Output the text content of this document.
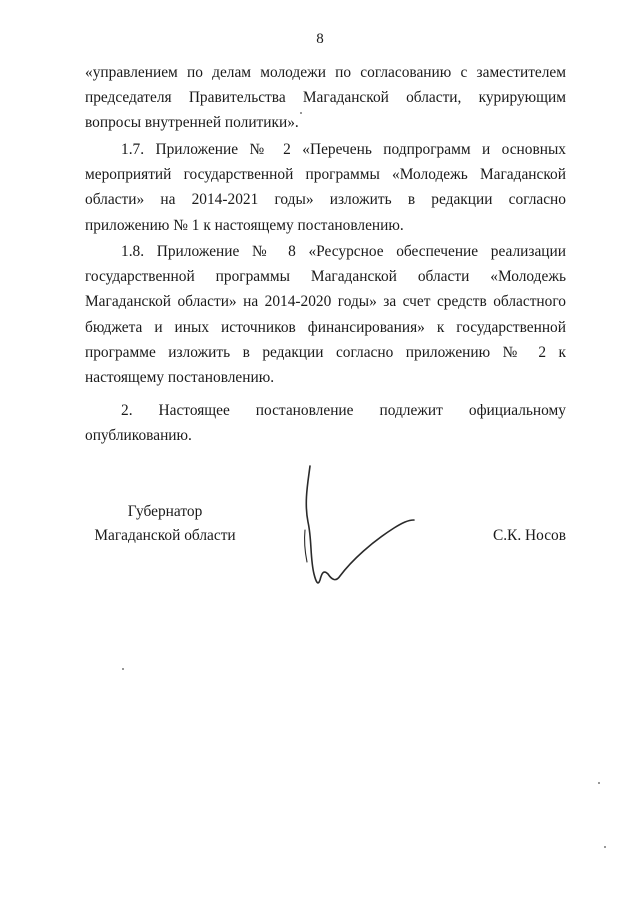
8

«управлением по делам молодежи по согласованию с заместителем председателя Правительства Магаданской области, курирующим вопросы внутренней политики».

1.7. Приложение № 2 «Перечень подпрограмм и основных мероприятий государственной программы «Молодежь Магаданской области» на 2014-2021 годы» изложить в редакции согласно приложению № 1 к настоящему постановлению.

1.8. Приложение № 8 «Ресурсное обеспечение реализации государственной программы Магаданской области «Молодежь Магаданской области» на 2014-2020 годы» за счет средств областного бюджета и иных источников финансирования» к государственной программе изложить в редакции согласно приложению № 2 к настоящему постановлению.

2. Настоящее постановление подлежит официальному опубликованию.

Губернатор
Магаданской области	С.К. Носов
